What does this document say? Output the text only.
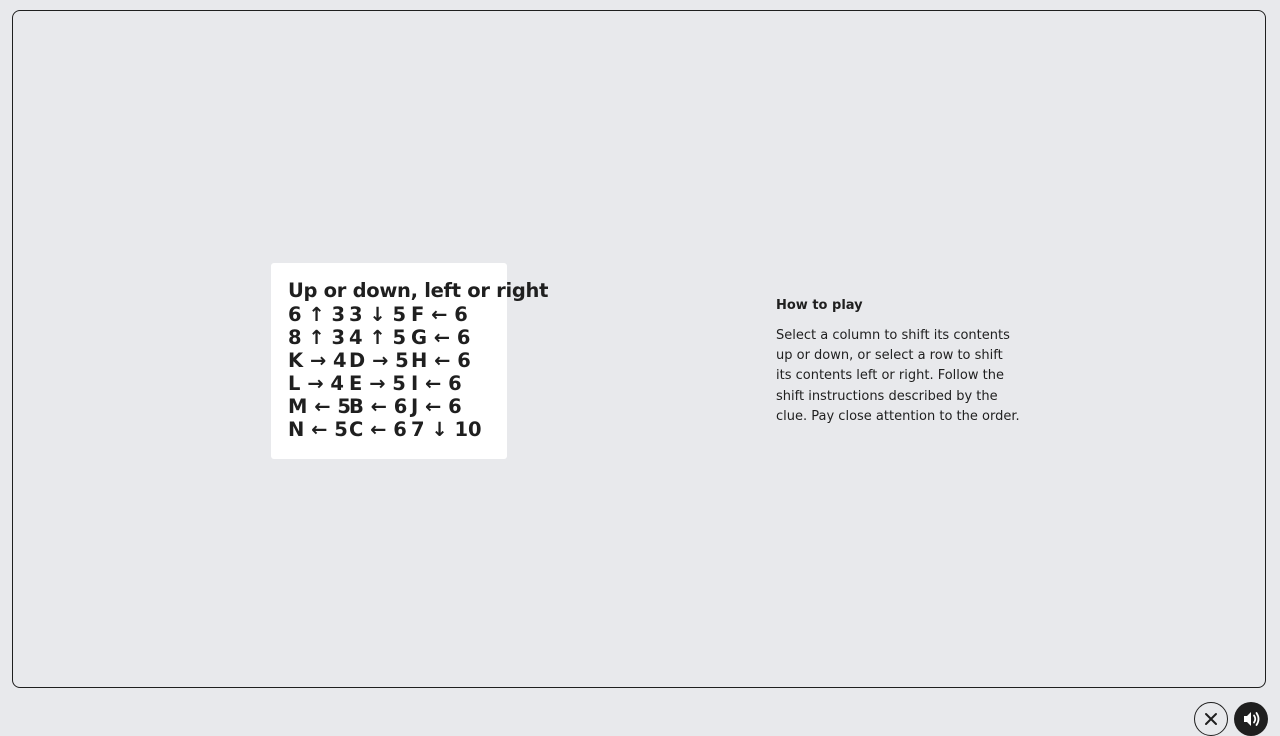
Up or down, left or right
6 ↑ 3 3 ↓ 5 F ← 6
8 ↑ 3 4 ↑ 5 G ← 6
K → 4 D → 5 H ← 6
L → 4 E → 5 I ← 6
M ← 5
B ← 6 J ← 6
N ← 5 C ← 6 7 ↓ 10
How to play
Select a column to shift its contents up or down, or select a row to shift its contents left or right. Follow the shift instructions described by the clue. Pay close attention to the order.
